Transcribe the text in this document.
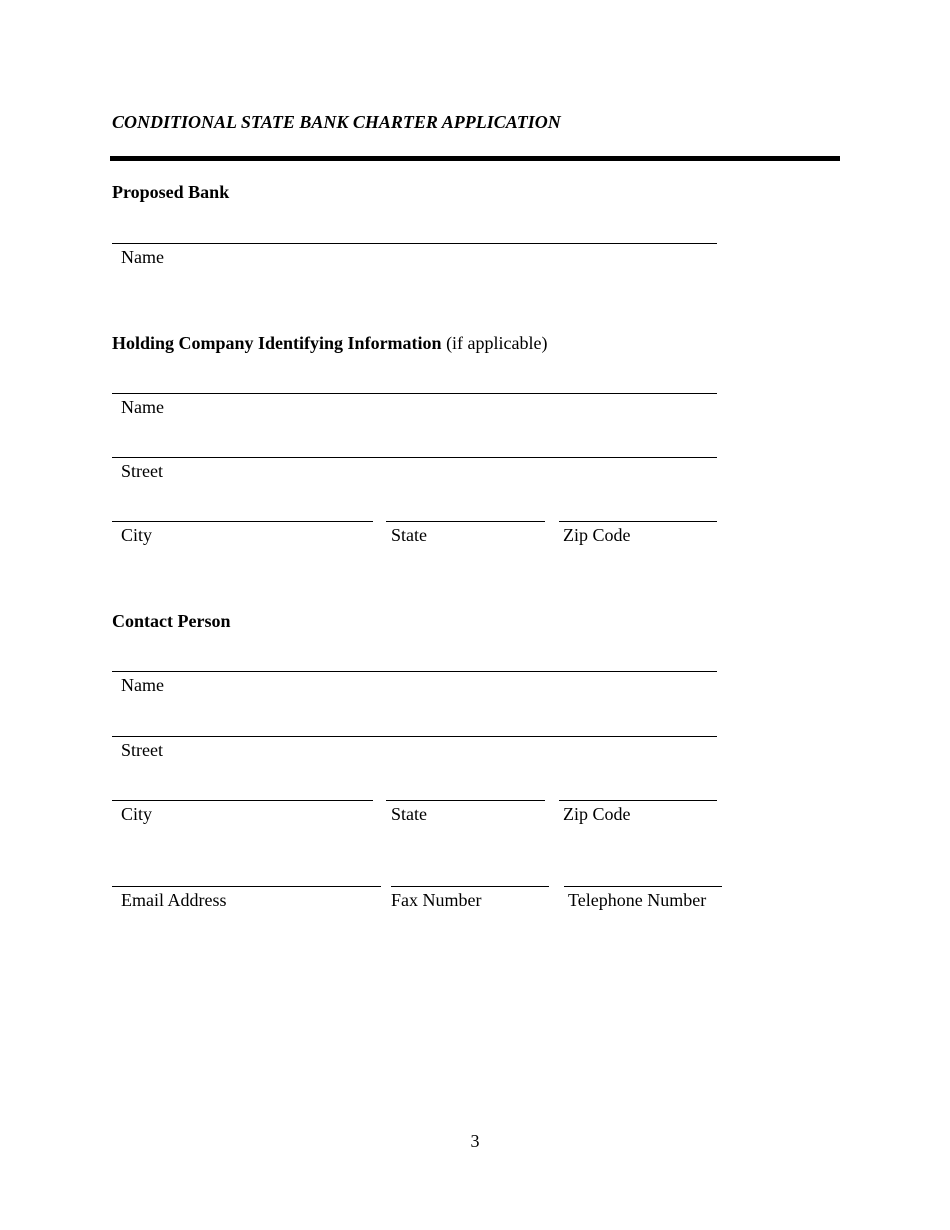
CONDITIONAL STATE BANK CHARTER APPLICATION
Proposed Bank
Name
Holding Company Identifying Information (if applicable)
Name
Street
City	State	Zip Code
Contact Person
Name
Street
City	State	Zip Code
Email Address	Fax Number	Telephone Number
3
